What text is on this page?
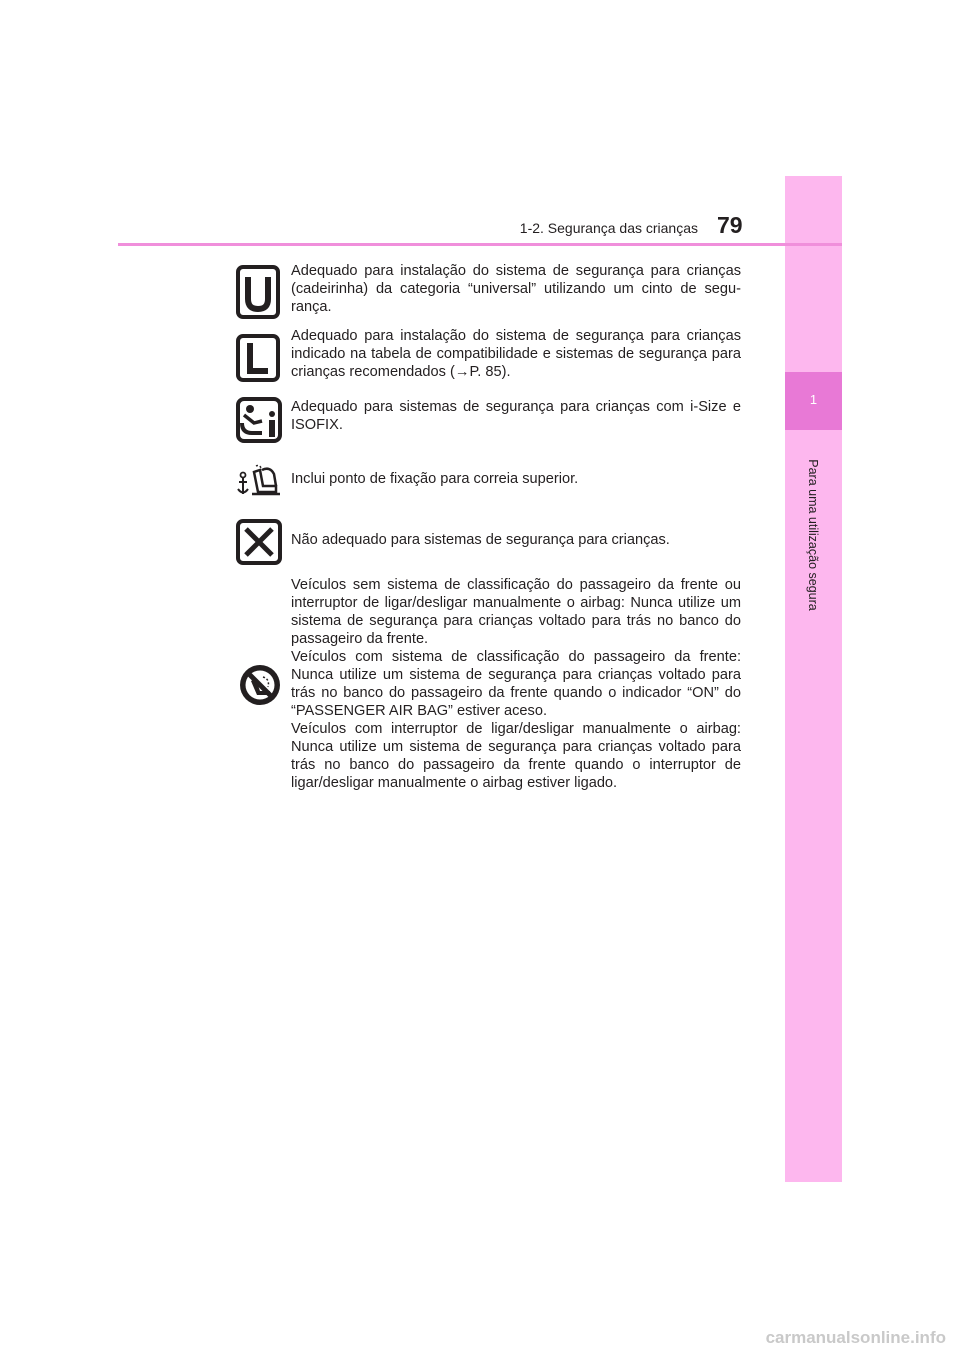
1
Para uma utilização segura
1-2. Segurança das crianças 79
Adequado para instalação do sistema de segurança para crianças (cadeirinha) da categoria “universal” utilizando um cinto de segu-rança.
Adequado para instalação do sistema de segurança para crianças indicado na tabela de compatibilidade e sistemas de segurança para crianças recomendados (→P. 85).
Adequado para sistemas de segurança para crianças com i-Size e ISOFIX.
Inclui ponto de fixação para correia superior.
Não adequado para sistemas de segurança para crianças.

Veículos sem sistema de classificação do passageiro da frente ou interruptor de ligar/desligar manualmente o airbag: Nunca utilize um sistema de segurança para crianças voltado para trás no banco do passageiro da frente.

Veículos com sistema de classificação do passageiro da frente: Nunca utilize um sistema de segurança para crianças voltado para trás no banco do passageiro da frente quando o indicador “ON” do “PASSENGER AIR BAG” estiver aceso.

Veículos com interruptor de ligar/desligar manualmente o airbag: Nunca utilize um sistema de segurança para crianças voltado para trás no banco do passageiro da frente quando o interruptor de ligar/desligar manualmente o airbag estiver ligado.

carmanualsonline.info
